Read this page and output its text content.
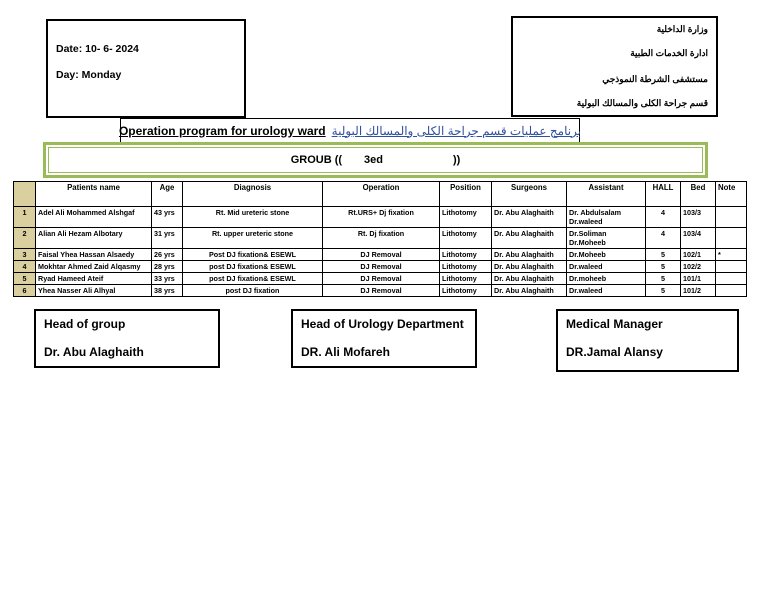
Date: 10- 6- 2024
Day: Monday
وزارة الداخلية
ادارة الخدمات الطبية
مستشفى الشرطة النموذجي
قسم جراحة الكلى والمسالك البولية
Operation program for urology ward برنامج عمليات قسم جراحة الكلى والمسالك البولية
GROUB (( 3ed	))
	Patients name	Age	Diagnosis	Operation	Position	Surgeons	Assistant	HALL	Bed	Note
1	Adel Ali Mohammed Alshgaf	43 yrs	Rt. Mid ureteric stone	Rt.URS+ Dj fixation	Lithotomy	Dr. Abu Alaghaith	Dr. Abdulsalam Dr.waleed	4	103/3	
2	Alian Ali Hezam Albotary	31 yrs	Rt. upper ureteric stone	Rt. Dj fixation	Lithotomy	Dr. Abu Alaghaith	Dr.Soliman Dr.Moheeb	4	103/4	
3	Faisal Yhea Hassan Alsaedy	26 yrs	Post DJ fixation& ESEWL	DJ Removal	Lithotomy	Dr. Abu Alaghaith	Dr.Moheeb	5	102/1	*
4	Mokhtar Ahmed Zaid Alqasmy	28 yrs	post DJ fixation& ESEWL	DJ Removal	Lithotomy	Dr. Abu Alaghaith	Dr.waleed	5	102/2	
5	Ryad Hameed Ateif	33 yrs	post DJ fixation& ESEWL	DJ Removal	Lithotomy	Dr. Abu Alaghaith	Dr.moheeb	5	101/1	
6	Yhea Nasser Ali Alhyal	38 yrs	post DJ fixation	DJ Removal	Lithotomy	Dr. Abu Alaghaith	Dr.waleed	5	101/2	
Head of group
Dr. Abu Alaghaith
Head of Urology Department
DR. Ali Mofareh
Medical Manager
DR.Jamal Alansy
